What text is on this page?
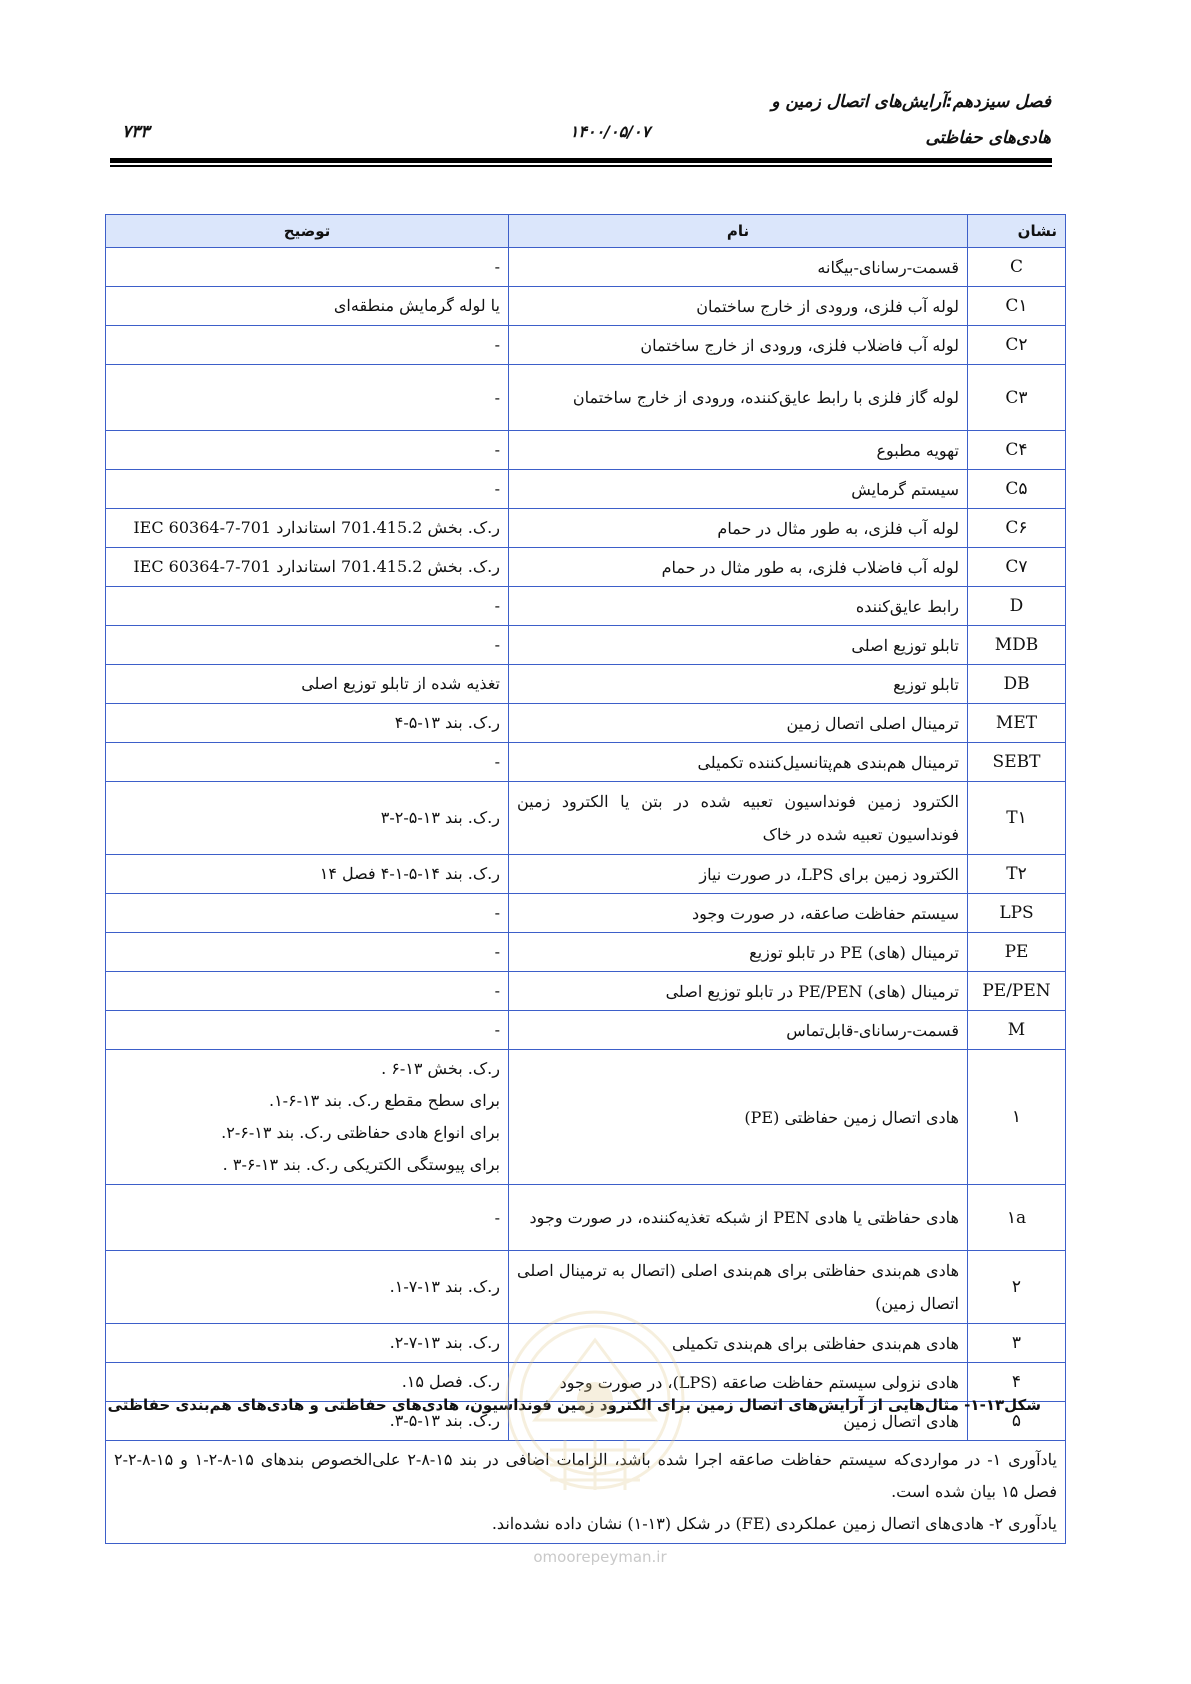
فصل سیزدهم:آرایش‌های اتصال زمین و
هادی‌های حفاظتی
۱۴۰۰/۰۵/۰۷
۷۳۳
نشان	نام	توضیح
C	قسمت-رسانای-بیگانه	-

C۱	لوله آب فلزی، ورودی از خارج ساختمان	یا لوله گرمایش منطقه‌ای

C۲	لوله آب فاضلاب فلزی، ورودی از خارج ساختمان	-

C۳	لوله گاز فلزی با رابط عایق‌کننده، ورودی از خارج ساختمان	-

C۴	تهویه مطبوع	-

C۵	سیستم گرمایش	-

C۶	لوله آب فلزی، به طور مثال در حمام	ر.ک. بخش 701.415.2 استاندارد IEC 60364-7-701

C۷	لوله آب فاضلاب فلزی، به طور مثال در حمام	ر.ک. بخش 701.415.2 استاندارد IEC 60364-7-701

D	رابط عایق‌کننده	-

MDB	تابلو توزیع اصلی	-

DB	تابلو توزیع	تغذیه شده از تابلو توزیع اصلی

MET	ترمینال اصلی اتصال زمین	ر.ک. بند ۱۳-۵-۴

SEBT	ترمینال هم‌بندی هم‌پتانسیل‌کننده تکمیلی	-

T۱	الکترود زمین فونداسیون تعبیه شده در بتن یا الکترود زمین فونداسیون تعبیه شده در خاک	ر.ک. بند ۱۳-۵-۲-۳

T۲	الکترود زمین برای LPS، در صورت نیاز	ر.ک. بند ۱۴-۵-۱-۴ فصل ۱۴

LPS	سیستم حفاظت صاعقه، در صورت وجود	-

PE	ترمینال (های) PE در تابلو توزیع	-

PE/PEN	ترمینال (های) PE/PEN در تابلو توزیع اصلی	-

M	قسمت-رسانای-قابل‌تماس	-

۱	هادی اتصال زمین حفاظتی (PE)	ر.ک. بخش ۱۳-۶ .
برای سطح مقطع ر.ک. بند ۱۳-۶-۱.
برای انواع هادی حفاظتی ر.ک. بند ۱۳-۶-۲.
برای پیوستگی الکتریکی ر.ک. بند ۱۳-۶-۳ .

۱a	هادی حفاظتی یا هادی PEN از شبکه تغذیه‌کننده، در صورت وجود	-

۲	هادی هم‌بندی حفاظتی برای هم‌بندی اصلی (اتصال به ترمینال اصلی اتصال زمین)	ر.ک. بند ۱۳-۷-۱.

۳	هادی هم‌بندی حفاظتی برای هم‌بندی تکمیلی	ر.ک. بند ۱۳-۷-۲.

۴	هادی نزولی سیستم حفاظت صاعقه (LPS)، در صورت وجود	ر.ک. فصل ۱۵.

۵	هادی اتصال زمین	ر.ک. بند ۱۳-۵-۳.

یادآوری ۱- در مواردی‌که سیستم حفاظت صاعقه اجرا شده باشد، الزامات اضافی در بند ۱۵-۸-۲ علی‌الخصوص بندهای ۱۵-۸-۲-۱ و ۱۵-۸-۲-۲ فصل ۱۵ بیان شده است.
یادآوری ۲- هادی‌های اتصال زمین عملکردی (FE) در شکل (۱۳-۱) نشان داده نشده‌اند.		
شکل۱۳-۱- مثال‌هایی از آرایش‌های اتصال زمین برای الکترود زمین فونداسیون، هادی‌های حفاظتی و هادی‌های هم‌بندی حفاظتی
omoorepeyman.ir
